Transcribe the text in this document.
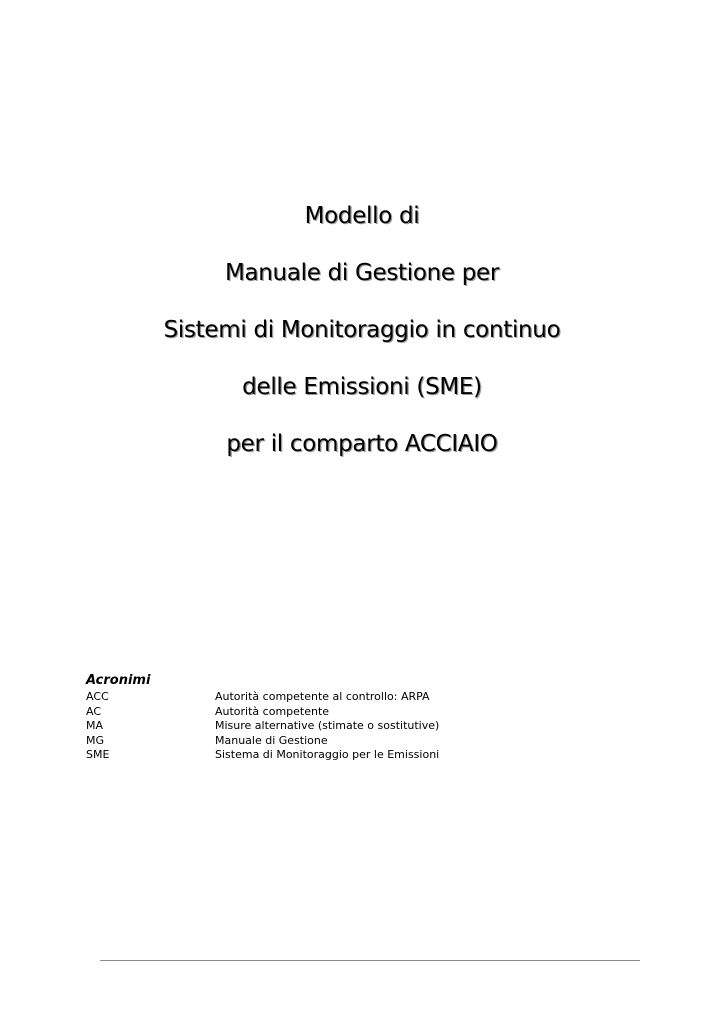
Modello di
Manuale di Gestione per
Sistemi di Monitoraggio in continuo
delle Emissioni (SME)
per il comparto ACCIAIO
Acronimi
ACC	Autorità competente al controllo: ARPA
AC	Autorità competente
MA	Misure alternative (stimate o sostitutive)
MG	Manuale di Gestione
SME	Sistema di Monitoraggio per le Emissioni
